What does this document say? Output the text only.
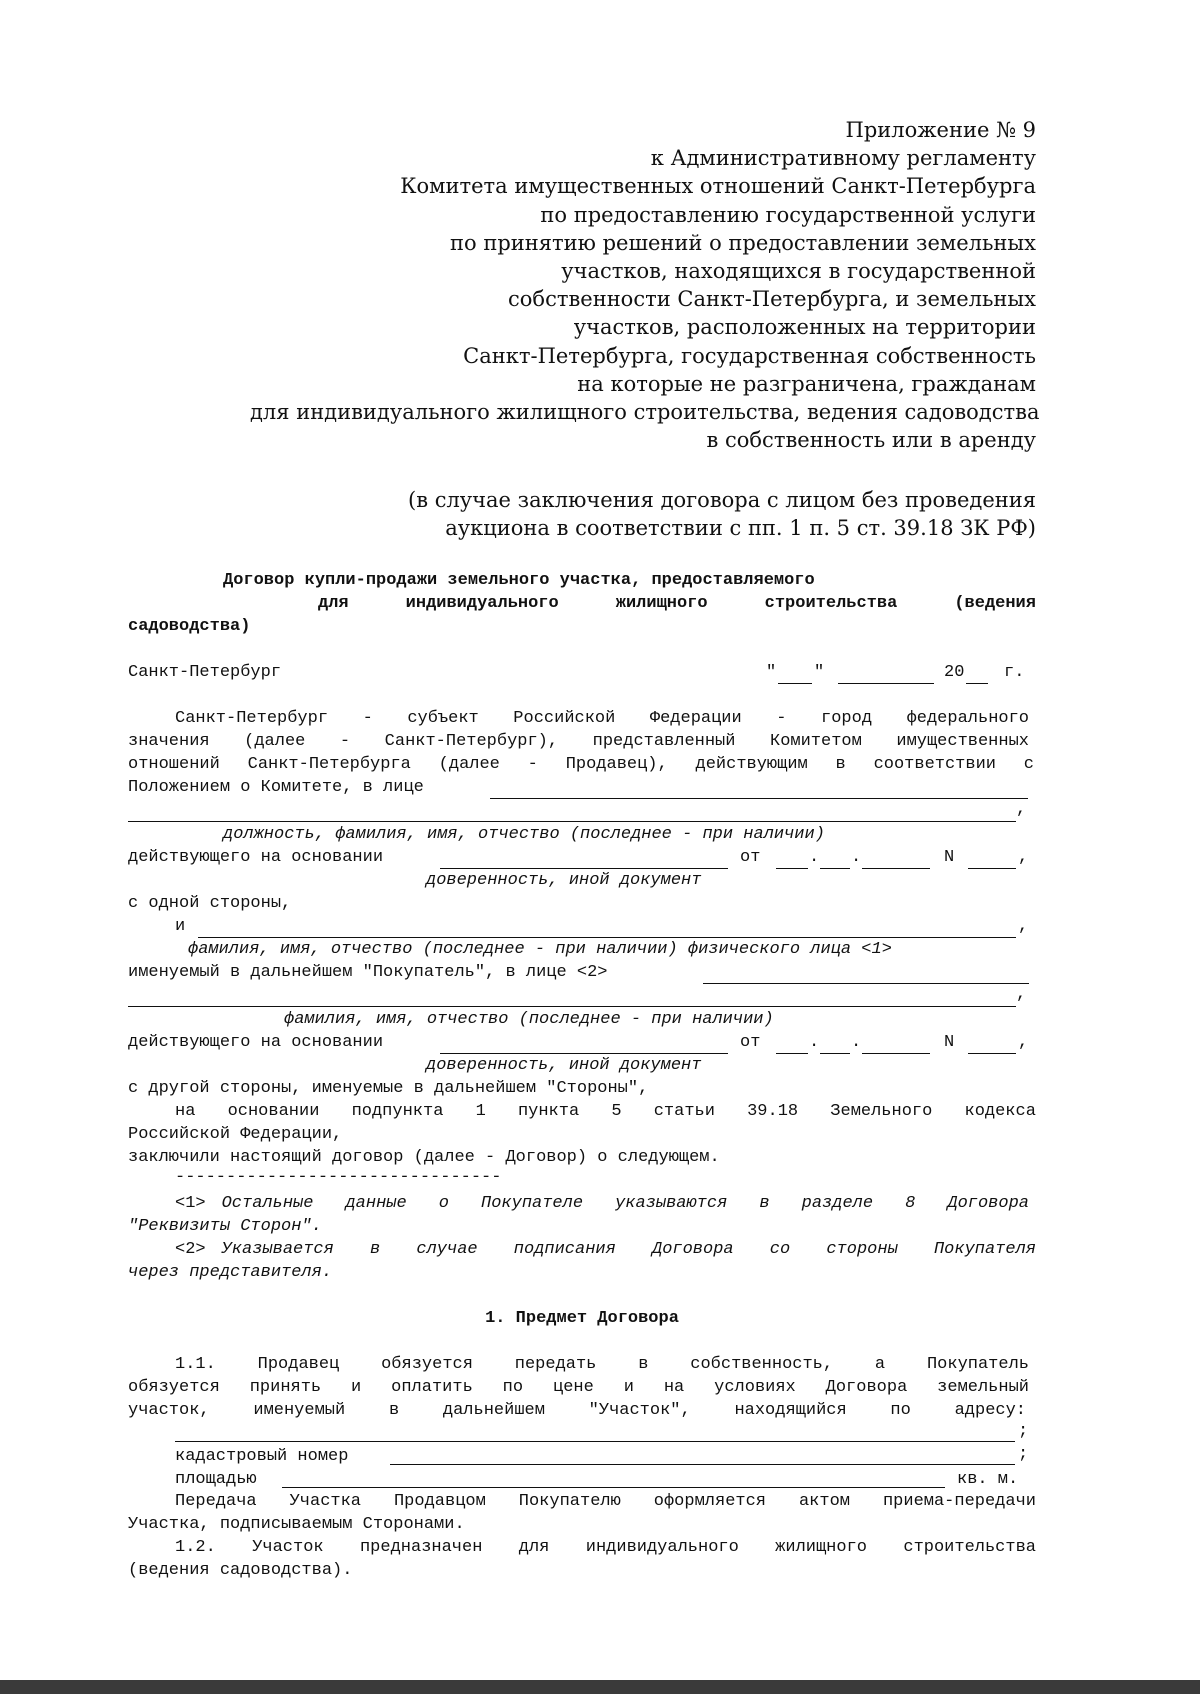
Приложение № 9
к Административному регламенту
Комитета имущественных отношений Санкт-Петербурга
по предоставлению государственной услуги
по принятию решений о предоставлении земельных
участков, находящихся в государственной
собственности Санкт-Петербурга, и земельных
участков, расположенных на территории
Санкт-Петербурга, государственная собственность
на которые не разграничена, гражданам
для индивидуального жилищного строительства, ведения садоводства
в собственность или в аренду
(в случае заключения договора с лицом без проведения
аукциона в соответствии с пп. 1 п. 5 ст. 39.18 ЗК РФ)
Договор купли-продажи земельного участка, предоставляемого
для	индивидуального	жилищного	строительства	(ведения
садоводства)
Санкт-Петербург	" "	20 г.
Санкт-Петербург - субъект Российской Федерации - город федерального
значения (далее - Санкт-Петербург), представленный Комитетом имущественных
отношений Санкт-Петербурга (далее - Продавец), действующим в соответствии с
Положением о Комитете, в лице
,
должность, фамилия, имя, отчество (последнее - при наличии)
действующего на основании	от	. .	N	,
доверенность, иной документ
с одной стороны,
и	,
фамилия, имя, отчество (последнее - при наличии) физического лица <1>
именуемый в дальнейшем "Покупатель", в лице <2>
,
фамилия, имя, отчество (последнее - при наличии)
действующего на основании	от	. .	N	,
доверенность, иной документ
с другой стороны, именуемые в дальнейшем "Стороны",
на основании подпункта 1 пункта 5 статьи 39.18 Земельного кодекса
Российской Федерации,
заключили настоящий договор (далее - Договор) о следующем.
--------------------------------
<1> Остальные данные о Покупателе указываются в разделе 8 Договора
"Реквизиты Сторон".
<2> Указывается в случае подписания Договора со стороны Покупателя
через представителя.
1. Предмет Договора
1.1. Продавец обязуется передать в собственность, а Покупатель
обязуется принять и оплатить по цене и на условиях Договора земельный
участок, именуемый в дальнейшем "Участок", находящийся по адресу:
;
кадастровый номер	;
площадью	кв. м.
Передача Участка Продавцом Покупателю оформляется актом приема-передачи
Участка, подписываемым Сторонами.
1.2. Участок предназначен для индивидуального жилищного строительства
(ведения садоводства).
